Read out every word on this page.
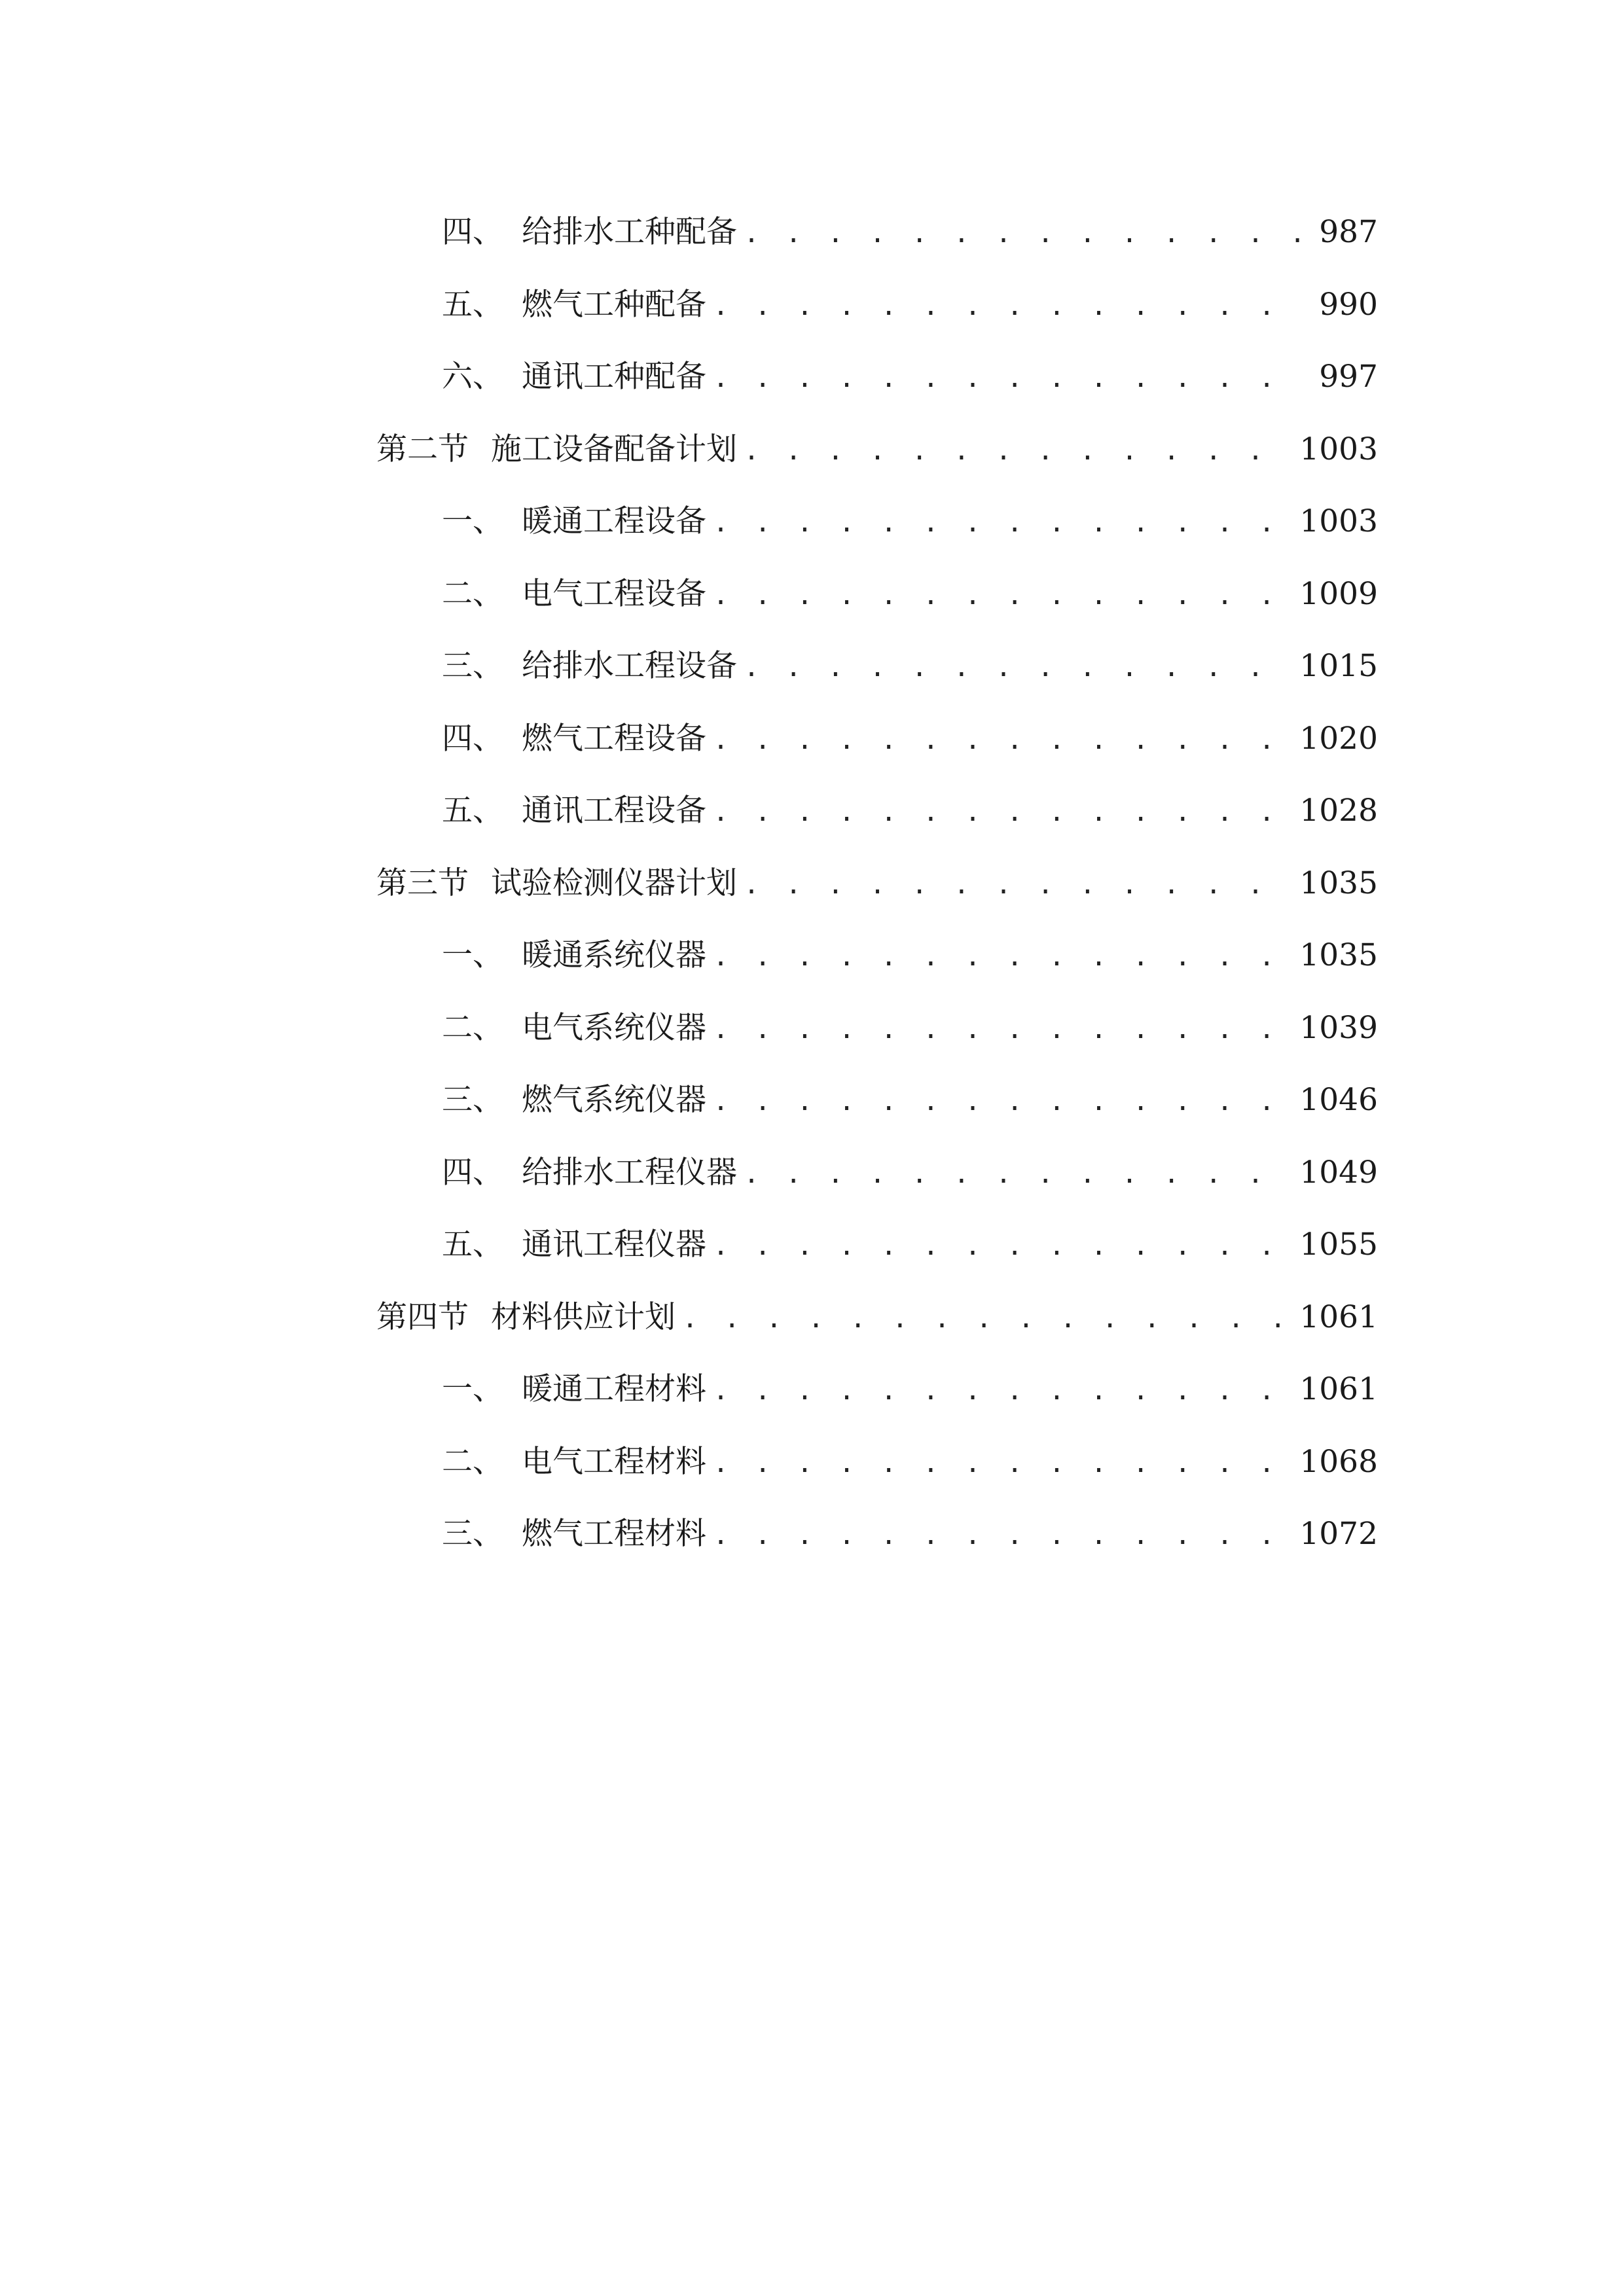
四、 给排水工种配备 . . .	987
五、 燃气工种配备 . . .	990
六、 通讯工种配备 . . .	997
第二节 施工设备配备计划 . . .	1003
一、 暖通工程设备 . . .	1003
二、 电气工程设备 . . .	1009
三、 给排水工程设备 . . .	1015
四、 燃气工程设备 . . .	1020
五、 通讯工程设备 . . .	1028
第三节 试验检测仪器计划 . . .	1035
一、 暖通系统仪器 . . .	1035
二、 电气系统仪器 . . .	1039
三、 燃气系统仪器 . . .	1046
四、 给排水工程仪器 . . .	1049
五、 通讯工程仪器 . . .	1055
第四节 材料供应计划 . . .	1061
一、 暖通工程材料 . . .	1061
二、 电气工程材料 . . .	1068
三、 燃气工程材料 . . .	1072
